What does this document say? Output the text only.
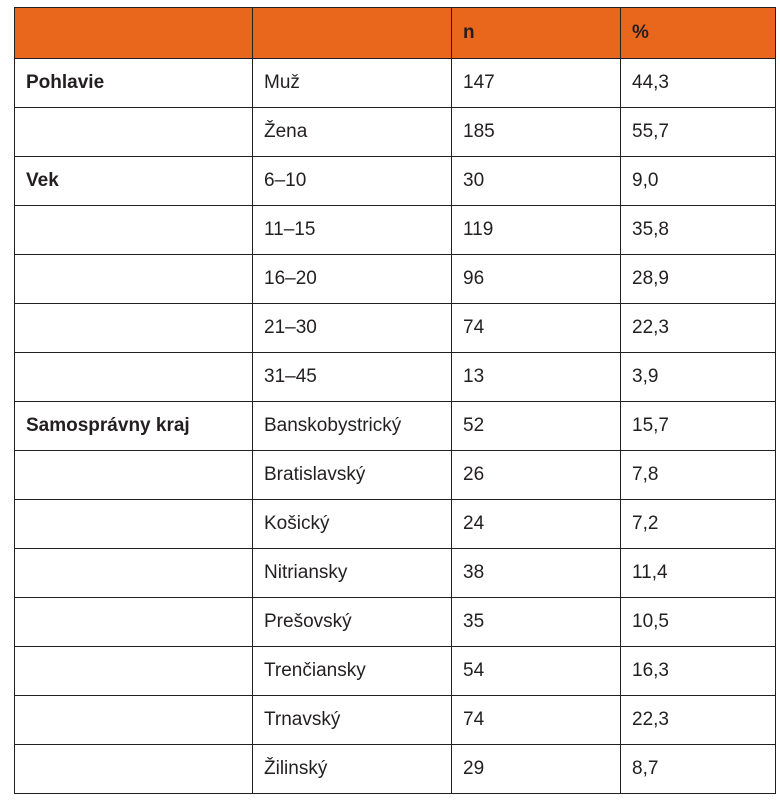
		n	%
Pohlavie	Muž	147	44,3
	Žena	185	55,7
Vek	6–10	30	9,0
	11–15	119	35,8
	16–20	96	28,9
	21–30	74	22,3
	31–45	13	3,9
Samosprávny kraj	Banskobystrický	52	15,7
	Bratislavský	26	7,8
	Košický	24	7,2
	Nitriansky	38	11,4
	Prešovský	35	10,5
	Trenčiansky	54	16,3
	Trnavský	74	22,3
	Žilinský	29	8,7
